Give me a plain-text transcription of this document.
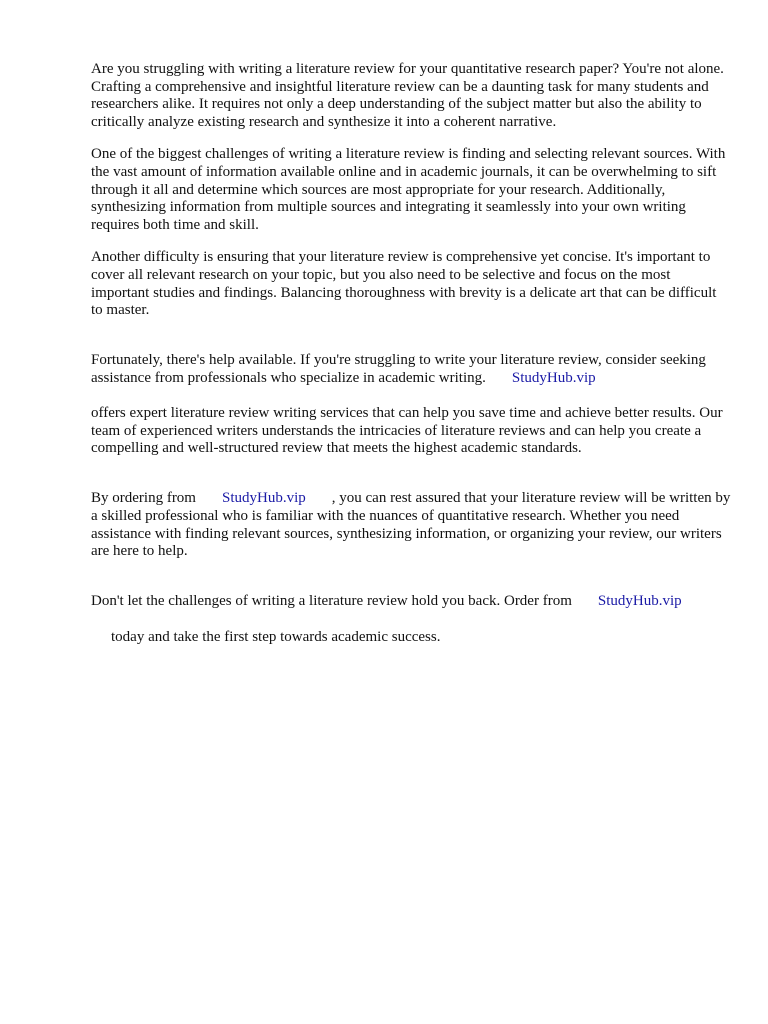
Are you struggling with writing a literature review for your quantitative research paper? You're not alone. Crafting a comprehensive and insightful literature review can be a daunting task for many students and researchers alike. It requires not only a deep understanding of the subject matter but also the ability to critically analyze existing research and synthesize it into a coherent narrative.

One of the biggest challenges of writing a literature review is finding and selecting relevant sources. With the vast amount of information available online and in academic journals, it can be overwhelming to sift through it all and determine which sources are most appropriate for your research. Additionally, synthesizing information from multiple sources and integrating it seamlessly into your own writing requires both time and skill.

Another difficulty is ensuring that your literature review is comprehensive yet concise. It's important to cover all relevant research on your topic, but you also need to be selective and focus on the most important studies and findings. Balancing thoroughness with brevity is a delicate art that can be difficult to master.

Fortunately, there's help available. If you're struggling to write your literature review, consider seeking assistance from professionals who specialize in academic writing. StudyHub.vip

offers expert literature review writing services that can help you save time and achieve better results. Our team of experienced writers understands the intricacies of literature reviews and can help you create a compelling and well-structured review that meets the highest academic standards.

By ordering from StudyHub.vip , you can rest assured that your literature review will be written by a skilled professional who is familiar with the nuances of quantitative research. Whether you need assistance with finding relevant sources, synthesizing information, or organizing your review, our writers are here to help.

Don't let the challenges of writing a literature review hold you back. Order from StudyHub.vip

today and take the first step towards academic success.
